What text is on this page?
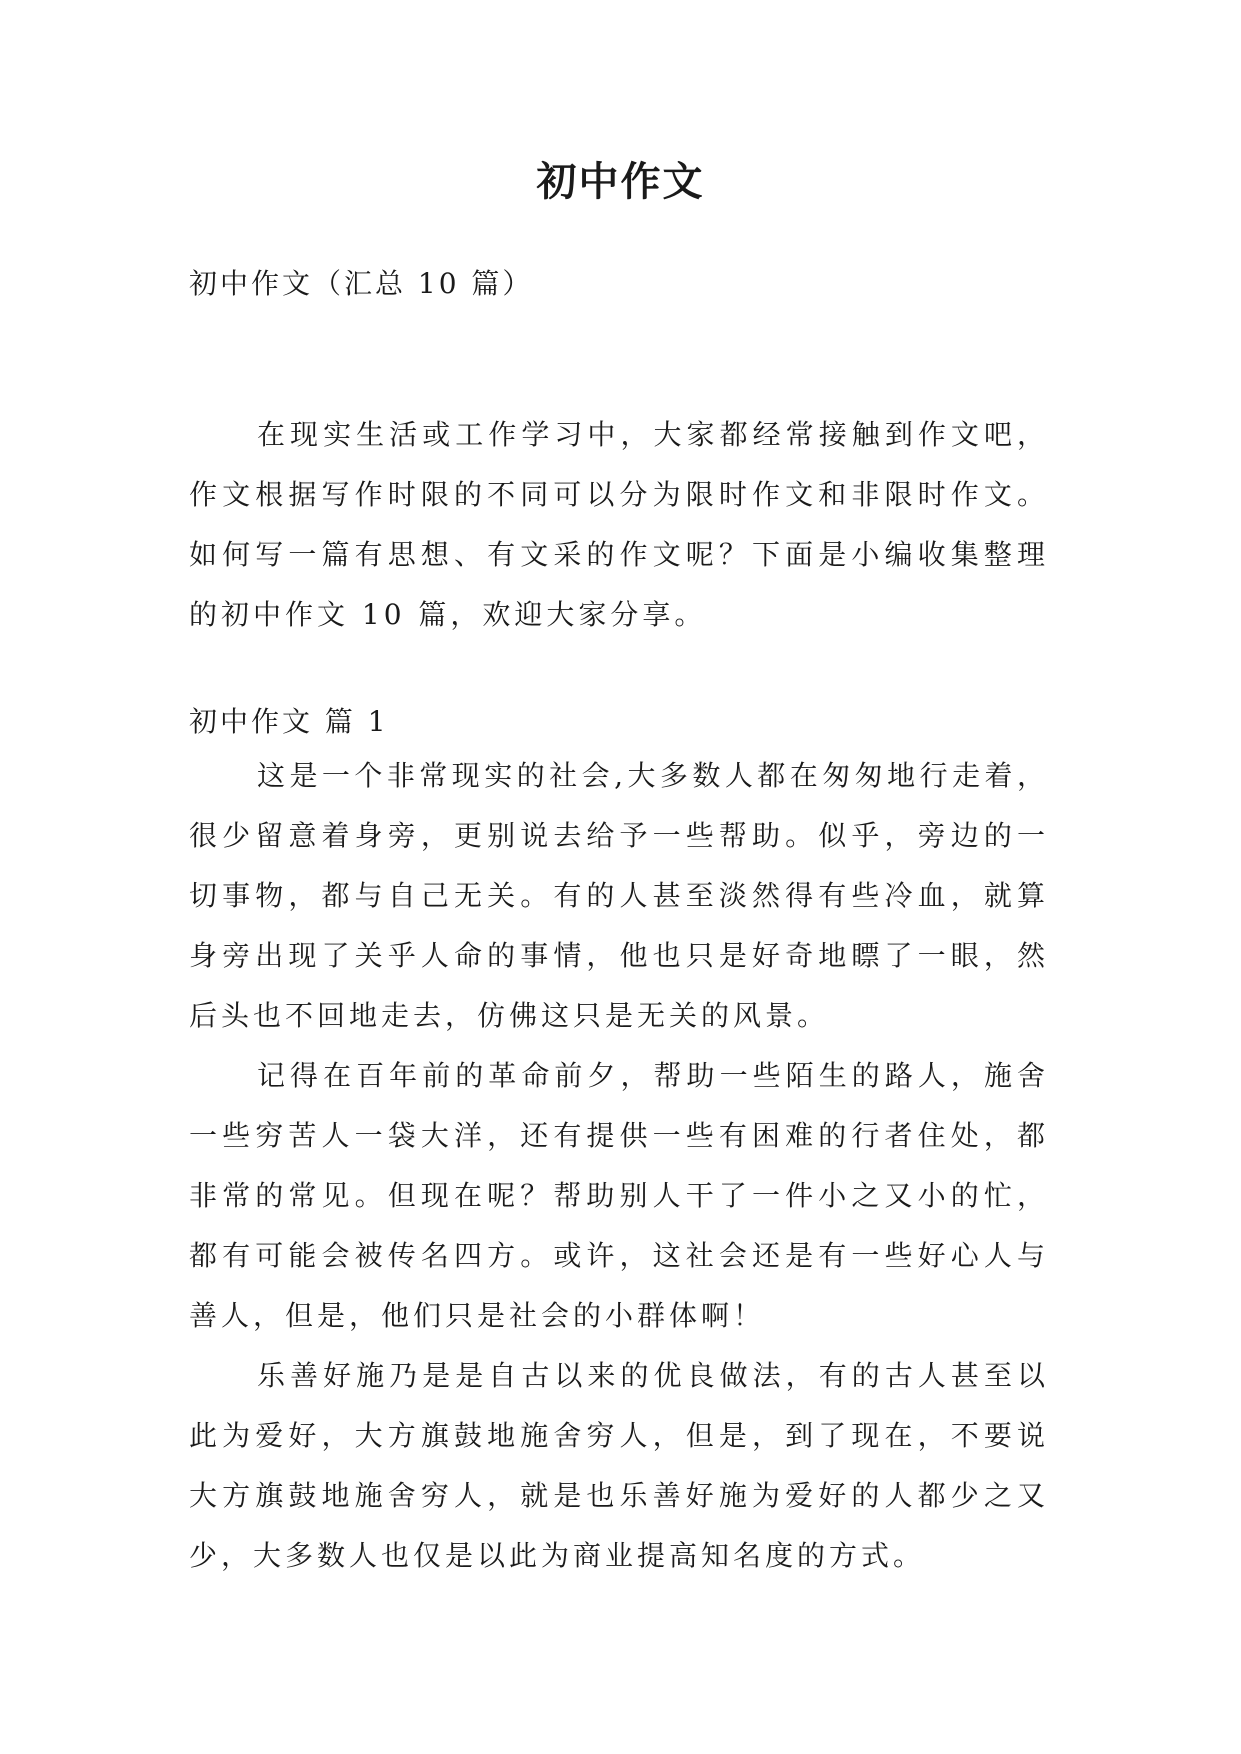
初中作文

初中作文（汇总 10 篇）

在现实生活或工作学习中，大家都经常接触到作文吧，作文根据写作时限的不同可以分为限时作文和非限时作文。如何写一篇有思想、有文采的作文呢？下面是小编收集整理的初中作文 10 篇，欢迎大家分享。

初中作文 篇 1

这是一个非常现实的社会,大多数人都在匆匆地行走着，很少留意着身旁，更别说去给予一些帮助。似乎，旁边的一切事物，都与自己无关。有的人甚至淡然得有些冷血，就算身旁出现了关乎人命的事情，他也只是好奇地瞟了一眼，然后头也不回地走去，仿佛这只是无关的风景。

记得在百年前的革命前夕，帮助一些陌生的路人，施舍一些穷苦人一袋大洋，还有提供一些有困难的行者住处，都非常的常见。但现在呢？帮助别人干了一件小之又小的忙，都有可能会被传名四方。或许，这社会还是有一些好心人与善人，但是，他们只是社会的小群体啊！

乐善好施乃是是自古以来的优良做法，有的古人甚至以此为爱好，大方旗鼓地施舍穷人，但是，到了现在，不要说大方旗鼓地施舍穷人，就是也乐善好施为爱好的人都少之又少，大多数人也仅是以此为商业提高知名度的方式。
